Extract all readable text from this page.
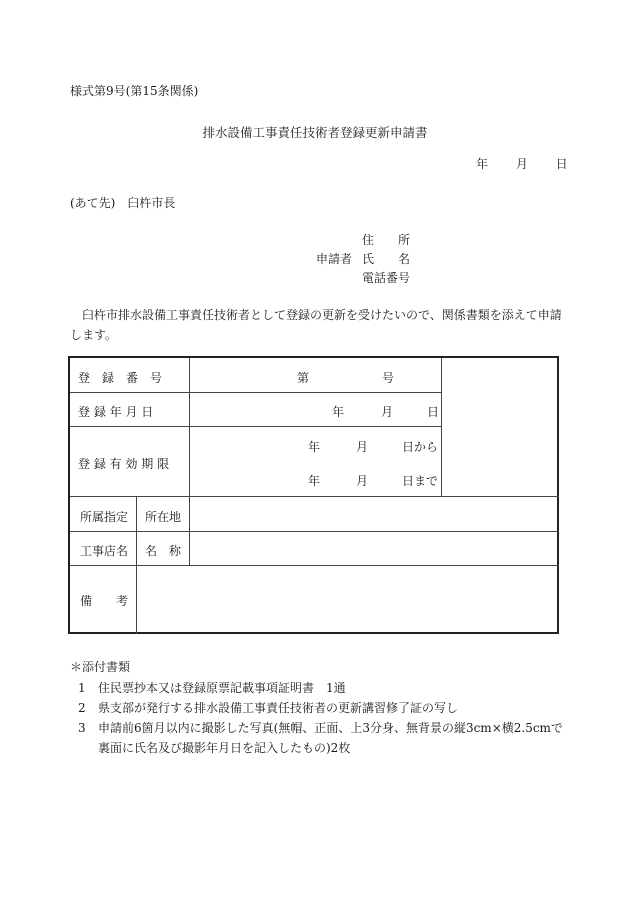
様式第9号(第15条関係)
排水設備工事責任技術者登録更新申請書
年 月 日
(あて先)　臼杵市長
住　　所
申請者 氏　　名
電話番号
臼杵市排水設備工事責任技術者として登録の更新を受けたいので、関係書類を添えて申請します。
登　録　番　号	第	号
登 録 年 月 日	年	月	日
登 録 有 効 期 限
年	月	日から
年	月	日まで
所属指定 所在地
工事店名 名　称
備　　考
＊添付書類
1	住民票抄本又は登録原票記載事項証明書　1通
2	県支部が発行する排水設備工事責任技術者の更新講習修了証の写し
3	申請前6箇月以内に撮影した写真(無帽、正面、上3分身、無背景の縦3cm×横2.5cmで裏面に氏名及び撮影年月日を記入したもの)2枚
